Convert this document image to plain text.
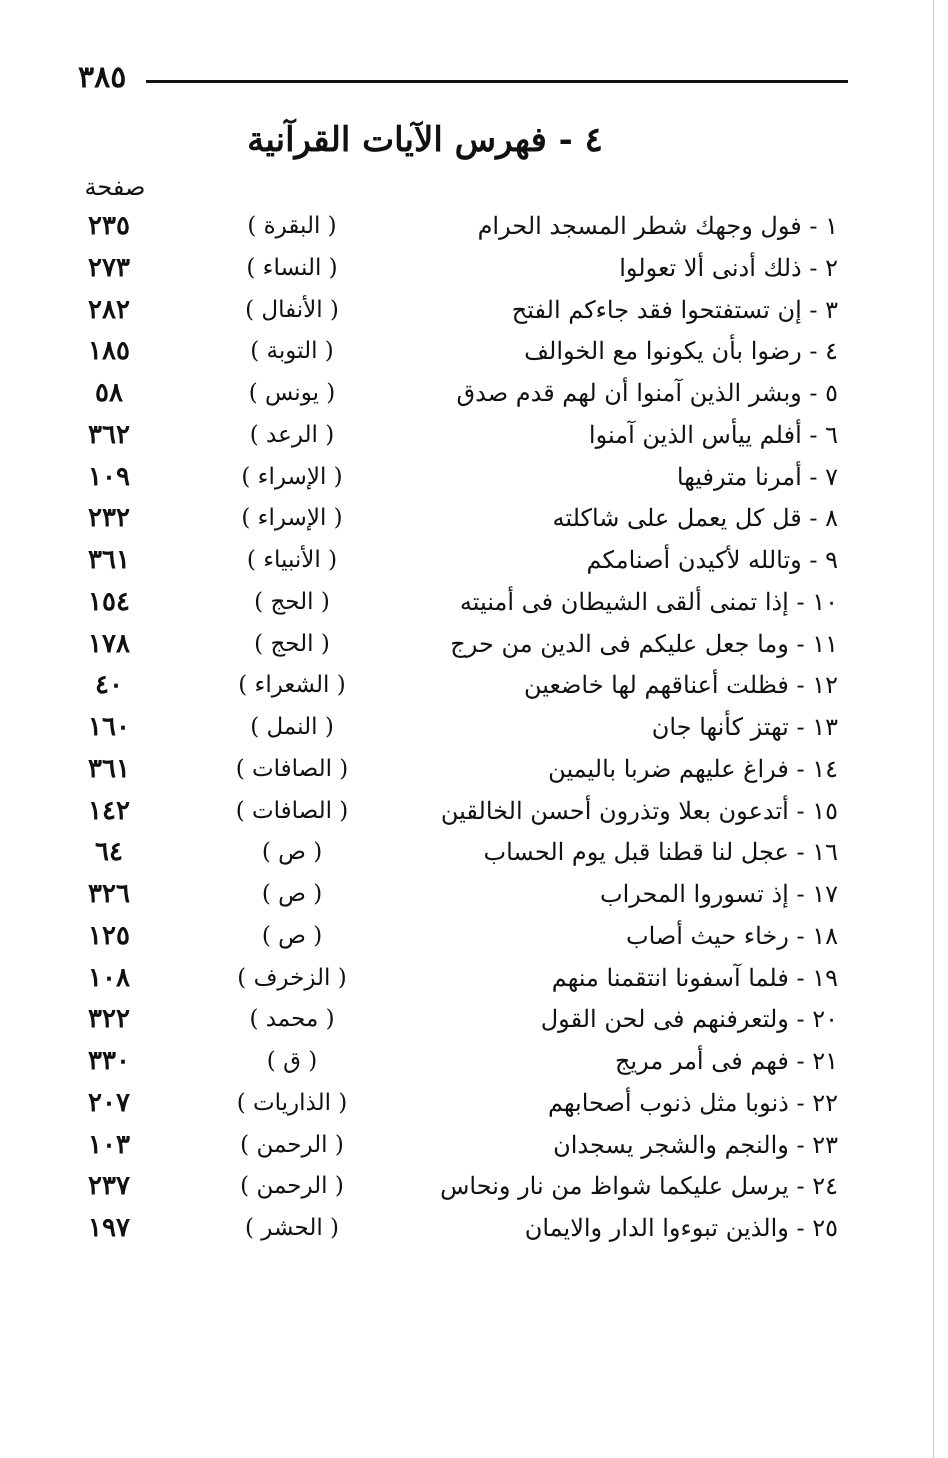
٣٨٥
٤ - فهرس الآيات القرآنية
صفحة
١ - فول وجهك شطر المسجد الحرام
( البقرة )
٢٣٥
٢ - ذلك أدنى ألا تعولوا
( النساء )
٢٧٣
٣ - إن تستفتحوا فقد جاءكم الفتح
( الأنفال )
٢٨٢
٤ - رضوا بأن يكونوا مع الخوالف
( التوبة )
١٨٥
٥ - وبشر الذين آمنوا أن لهم قدم صدق
( يونس )
٥٨
٦ - أفلم ييأس الذين آمنوا
( الرعد )
٣٦٢
٧ - أمرنا مترفيها
( الإسراء )
١٠٩
٨ - قل كل يعمل على شاكلته
( الإسراء )
٢٣٢
٩ - وتالله لأكيدن أصنامكم
( الأنبياء )
٣٦١
١٠ - إذا تمنى ألقى الشيطان فى أمنيته
( الحج )
١٥٤
١١ - وما جعل عليكم فى الدين من حرج
( الحج )
١٧٨
١٢ - فظلت أعناقهم لها خاضعين
( الشعراء )
٤٠
١٣ - تهتز كأنها جان
( النمل )
١٦٠
١٤ - فراغ عليهم ضربا باليمين
( الصافات )
٣٦١
١٥ - أتدعون بعلا وتذرون أحسن الخالقين
( الصافات )
١٤٢
١٦ - عجل لنا قطنا قبل يوم الحساب
( ص )
٦٤
١٧ - إذ تسوروا المحراب
( ص )
٣٢٦
١٨ - رخاء حيث أصاب
( ص )
١٢٥
١٩ - فلما آسفونا انتقمنا منهم
( الزخرف )
١٠٨
٢٠ - ولتعرفنهم فى لحن القول
( محمد )
٣٢٢
٢١ - فهم فى أمر مريج
( ق )
٣٣٠
٢٢ - ذنوبا مثل ذنوب أصحابهم
( الذاريات )
٢٠٧
٢٣ - والنجم والشجر يسجدان
( الرحمن )
١٠٣
٢٤ - يرسل عليكما شواظ من نار ونحاس
( الرحمن )
٢٣٧
٢٥ - والذين تبوءوا الدار والايمان
( الحشر )
١٩٧
